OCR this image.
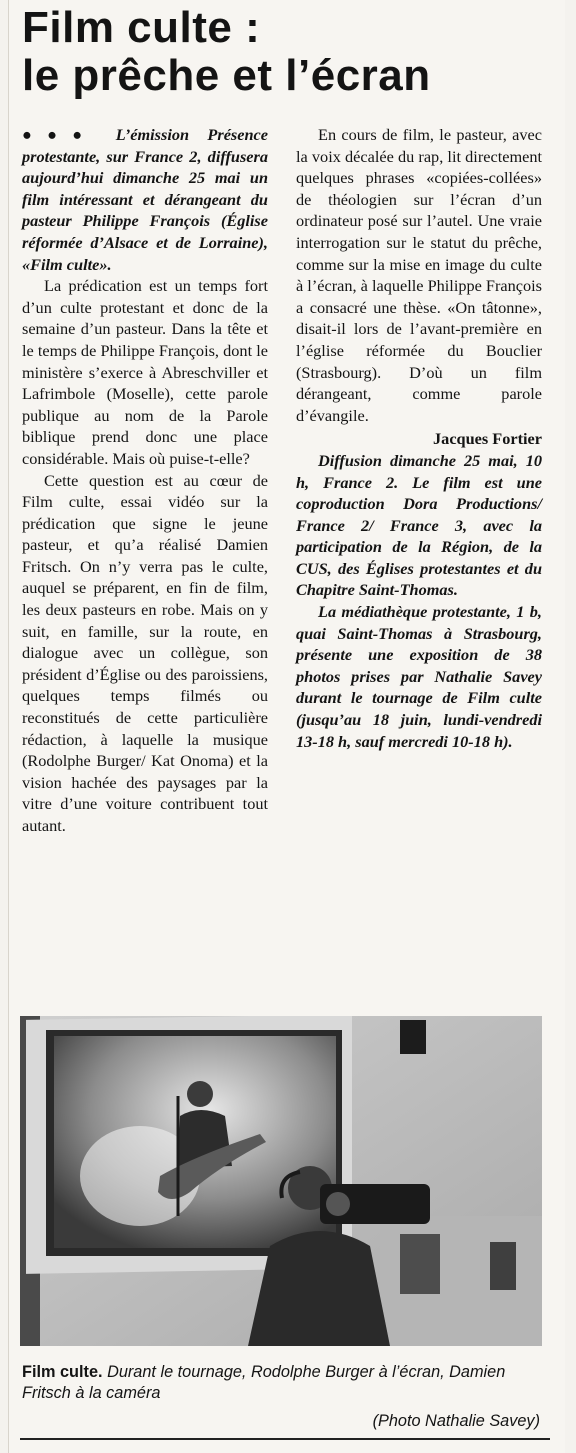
Film culte :
le prêche et l’écran

●●● L’émission Présence protestante, sur France 2, diffusera aujourd’hui dimanche 25 mai un film intéressant et dérangeant du pasteur Philippe François (Église réformée d’Alsace et de Lorraine), «Film culte».

La prédication est un temps fort d’un culte protestant et donc de la semaine d’un pasteur. Dans la tête et le temps de Philippe François, dont le ministère s’exerce à Abreschviller et Lafrimbole (Moselle), cette parole publique au nom de la Parole biblique prend donc une place considérable. Mais où puise-t-elle?

Cette question est au cœur de Film culte, essai vidéo sur la prédication que signe le jeune pasteur, et qu’a réalisé Damien Fritsch. On n’y verra pas le culte, auquel se préparent, en fin de film, les deux pasteurs en robe. Mais on y suit, en famille, sur la route, en dialogue avec un collègue, son président d’Église ou des paroissiens, quelques temps filmés ou reconstitués de cette particulière rédaction, à laquelle la musique (Rodolphe Burger/ Kat Onoma) et la vision hachée des paysages par la vitre d’une voiture contribuent tout autant.

En cours de film, le pasteur, avec la voix décalée du rap, lit directement quelques phrases «copiées-collées» de théologien sur l’écran d’un ordinateur posé sur l’autel. Une vraie interrogation sur le statut du prêche, comme sur la mise en image du culte à l’écran, à laquelle Philippe François a consacré une thèse. «On tâtonne», disait-il lors de l’avant-première en l’église réformée du Bouclier (Strasbourg). D’où un film dérangeant, comme parole d’évangile.

Jacques Fortier

Diffusion dimanche 25 mai, 10 h, France 2. Le film est une coproduction Dora Productions/ France 2/ France 3, avec la participation de la Région, de la CUS, des Églises protestantes et du Chapitre Saint-Thomas.

La médiathèque protestante, 1 b, quai Saint-Thomas à Strasbourg, présente une exposition de 38 photos prises par Nathalie Savey durant le tournage de Film culte (jusqu’au 18 juin, lundi-vendredi 13-18 h, sauf mercredi 10-18 h).

Film culte. Durant le tournage, Rodolphe Burger à l’écran, Damien Fritsch à la caméra

(Photo Nathalie Savey)
